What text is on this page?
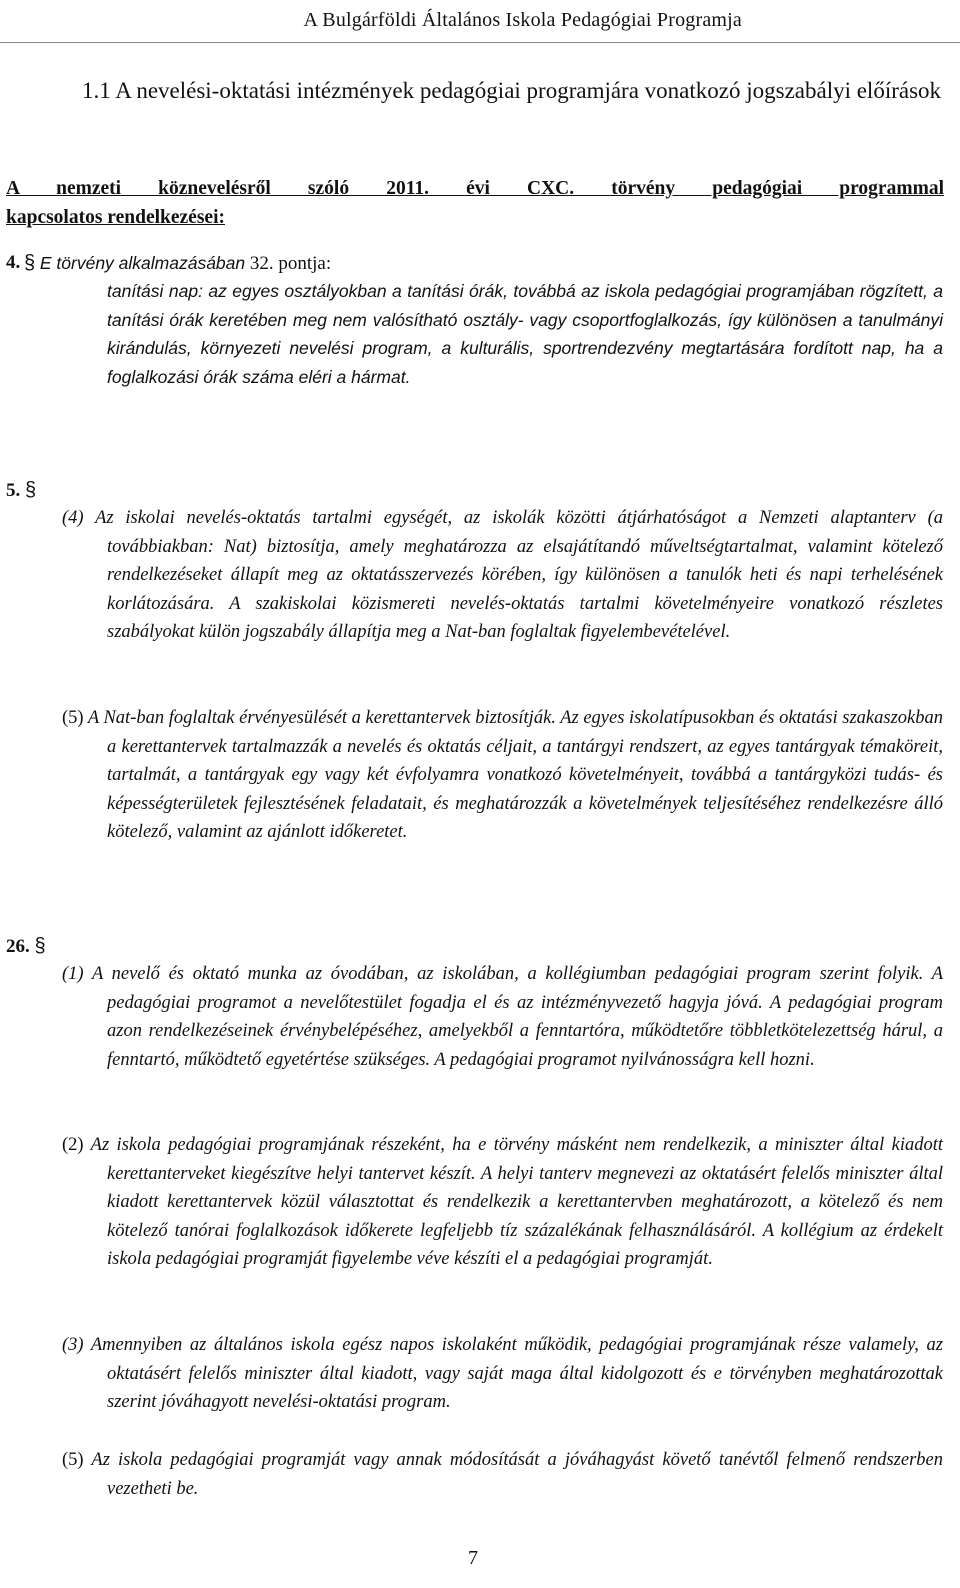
A Bulgárföldi Általános Iskola Pedagógiai Programja
1.1 A nevelési-oktatási intézmények pedagógiai programjára vonatkozó jogszabályi előírások
A nemzeti köznevelésről szóló 2011. évi CXC. törvény pedagógiai programmal
kapcsolatos rendelkezései:
4. § E törvény alkalmazásában 32. pontja:
tanítási nap: az egyes osztályokban a tanítási órák, továbbá az iskola pedagógiai programjában rögzített, a tanítási órák keretében meg nem valósítható osztály- vagy csoportfoglalkozás, így különösen a tanulmányi kirándulás, környezeti nevelési program, a kulturális, sportrendezvény megtartására fordított nap, ha a foglalkozási órák száma eléri a hármat.
5. §
(4) Az iskolai nevelés-oktatás tartalmi egységét, az iskolák közötti átjárhatóságot a Nemzeti alaptanterv (a továbbiakban: Nat) biztosítja, amely meghatározza az elsajátítandó műveltségtartalmat, valamint kötelező rendelkezéseket állapít meg az oktatásszervezés körében, így különösen a tanulók heti és napi terhelésének korlátozására. A szakiskolai közismereti nevelés-oktatás tartalmi követelményeire vonatkozó részletes szabályokat külön jogszabály állapítja meg a Nat-ban foglaltak figyelembevételével.
(5) A Nat-ban foglaltak érvényesülését a kerettantervek biztosítják. Az egyes iskolatípusokban és oktatási szakaszokban a kerettantervek tartalmazzák a nevelés és oktatás céljait, a tantárgyi rendszert, az egyes tantárgyak témaköreit, tartalmát, a tantárgyak egy vagy két évfolyamra vonatkozó követelményeit, továbbá a tantárgyközi tudás- és képességterületek fejlesztésének feladatait, és meghatározzák a követelmények teljesítéséhez rendelkezésre álló kötelező, valamint az ajánlott időkeretet.
26. §
(1) A nevelő és oktató munka az óvodában, az iskolában, a kollégiumban pedagógiai program szerint folyik. A pedagógiai programot a nevelőtestület fogadja el és az intézményvezető hagyja jóvá. A pedagógiai program azon rendelkezéseinek érvénybelépéséhez, amelyekből a fenntartóra, működtetőre többletkötelezettség hárul, a fenntartó, működtető egyetértése szükséges. A pedagógiai programot nyilvánosságra kell hozni.
(2) Az iskola pedagógiai programjának részeként, ha e törvény másként nem rendelkezik, a miniszter által kiadott kerettanterveket kiegészítve helyi tantervet készít. A helyi tanterv megnevezi az oktatásért felelős miniszter által kiadott kerettantervek közül választottat és rendelkezik a kerettantervben meghatározott, a kötelező és nem kötelező tanórai foglalkozások időkerete legfeljebb tíz százalékának felhasználásáról. A kollégium az érdekelt iskola pedagógiai programját figyelembe véve készíti el a pedagógiai programját.
(3) Amennyiben az általános iskola egész napos iskolaként működik, pedagógiai programjának része valamely, az oktatásért felelős miniszter által kiadott, vagy saját maga által kidolgozott és e törvényben meghatározottak szerint jóváhagyott nevelési-oktatási program.
(5) Az iskola pedagógiai programját vagy annak módosítását a jóváhagyást követő tanévtől felmenő rendszerben vezetheti be.
7
